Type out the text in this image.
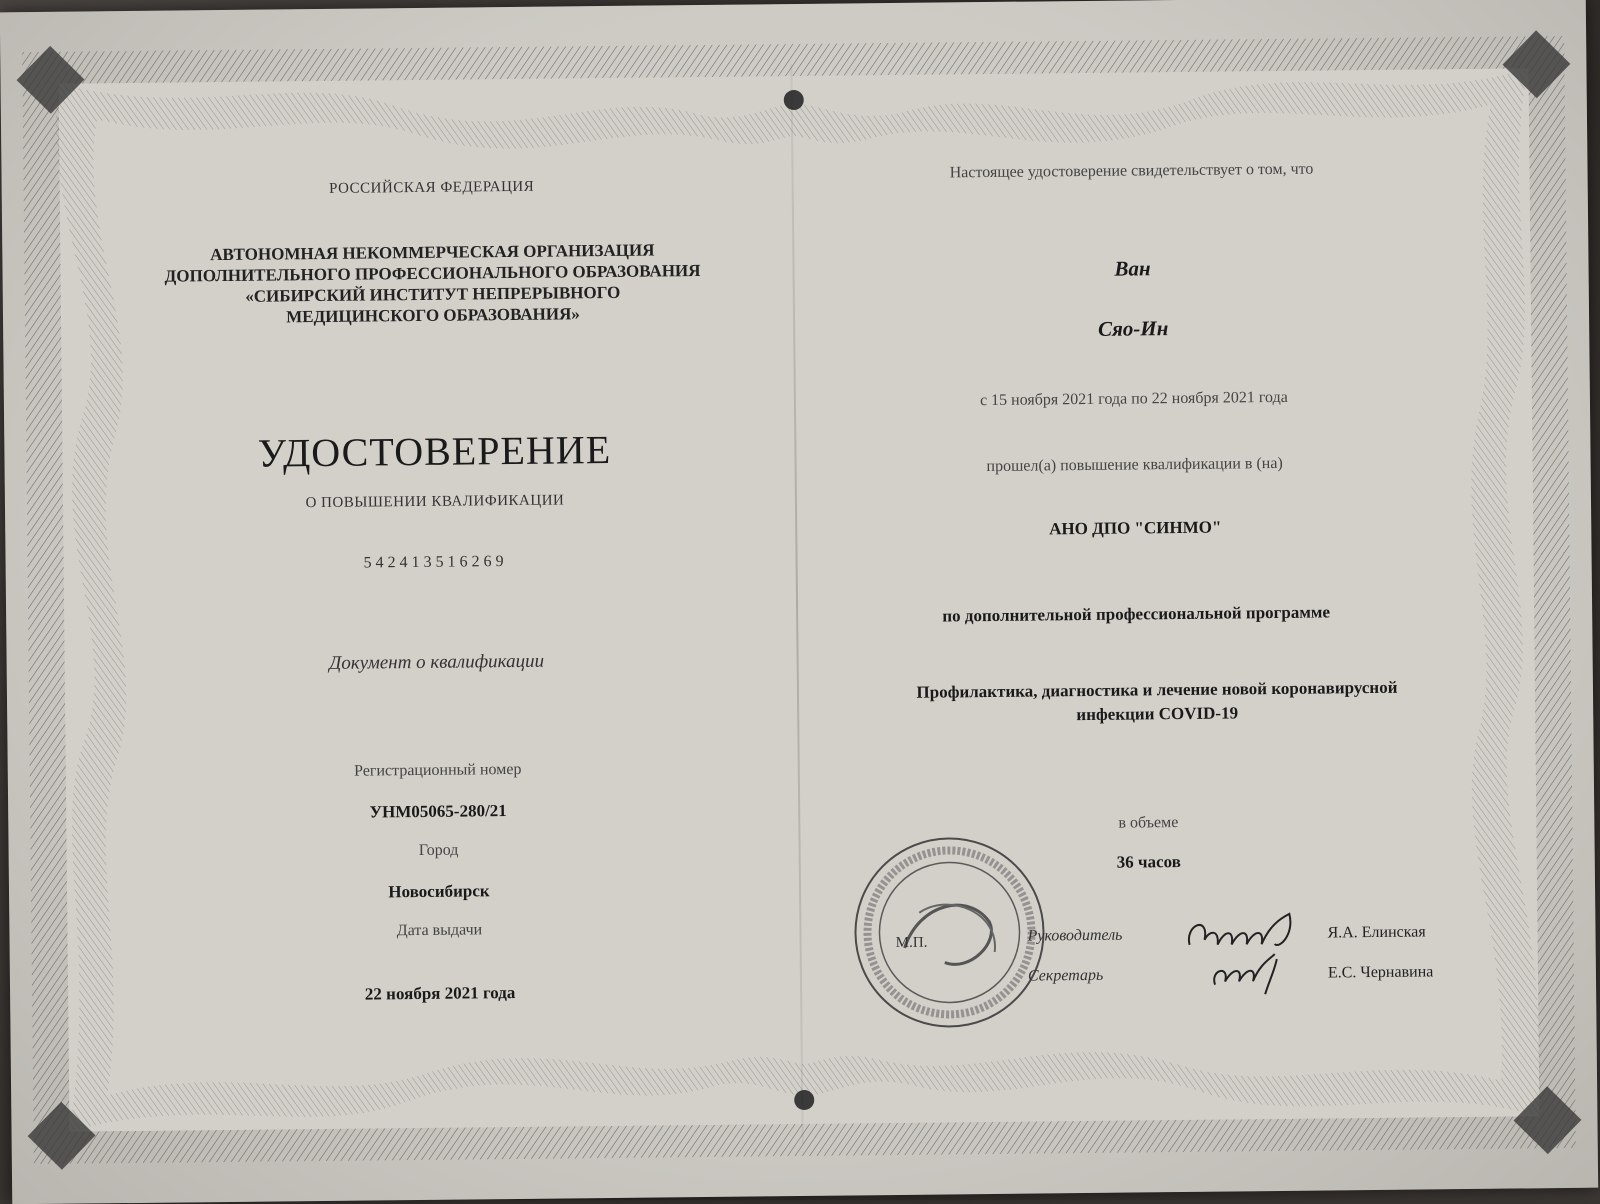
РОССИЙСКАЯ ФЕДЕРАЦИЯ

АВТОНОМНАЯ НЕКОММЕРЧЕСКАЯ ОРГАНИЗАЦИЯ

ДОПОЛНИТЕЛЬНОГО ПРОФЕССИОНАЛЬНОГО ОБРАЗОВАНИЯ

«СИБИРСКИЙ ИНСТИТУТ НЕПРЕРЫВНОГО

МЕДИЦИНСКОГО ОБРАЗОВАНИЯ»

УДОСТОВЕРЕНИЕ

О ПОВЫШЕНИИ КВАЛИФИКАЦИИ

542413516269

Документ о квалификации

Регистрационный номер

УНМ05065-280/21

Город

Новосибирск

Дата выдачи

22 ноября 2021 года

Настоящее удостоверение свидетельствует о том, что

Ван

Сяо-Ин

с 15 ноября 2021 года по 22 ноября 2021 года

прошел(а) повышение квалификации в (на)

АНО ДПО "СИНМО"

по дополнительной профессиональной программе

Профилактика, диагностика и лечение новой коронавирусной

инфекции COVID-19

в объеме

36 часов

М.П.	Руководитель	Я.А. Елинская
Секретарь	Е.С. Чернавина
